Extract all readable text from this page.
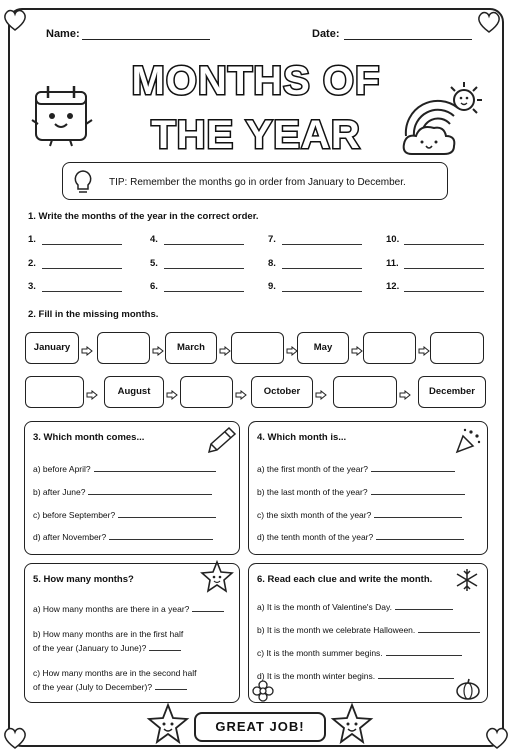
Name:	Date:
MONTHS OF
THE YEAR
TIP: Remember the months go in order from January to December.
1. Write the months of the year in the correct order.
1.	4.	7.	10.
2.	5.	8.	11.
3.	6.	9.	12.
2. Fill in the missing months.
January	March	May
August	October	December
3. Which month comes...
a) before April?
b) after June?
c) before September?
d) after November?
4. Which month is...
a) the first month of the year?
b) the last month of the year?
c) the sixth month of the year?
d) the tenth month of the year?
5. How many months?
a) How many months are there in a year?
b) How many months are in the first half
of the year (January to June)?
c) How many months are in the second half
of the year (July to December)?
6. Read each clue and write the month.
a) It is the month of Valentine's Day.
b) It is the month we celebrate Halloween.
c) It is the month summer begins.
d) It is the month winter begins.
GREAT JOB!
